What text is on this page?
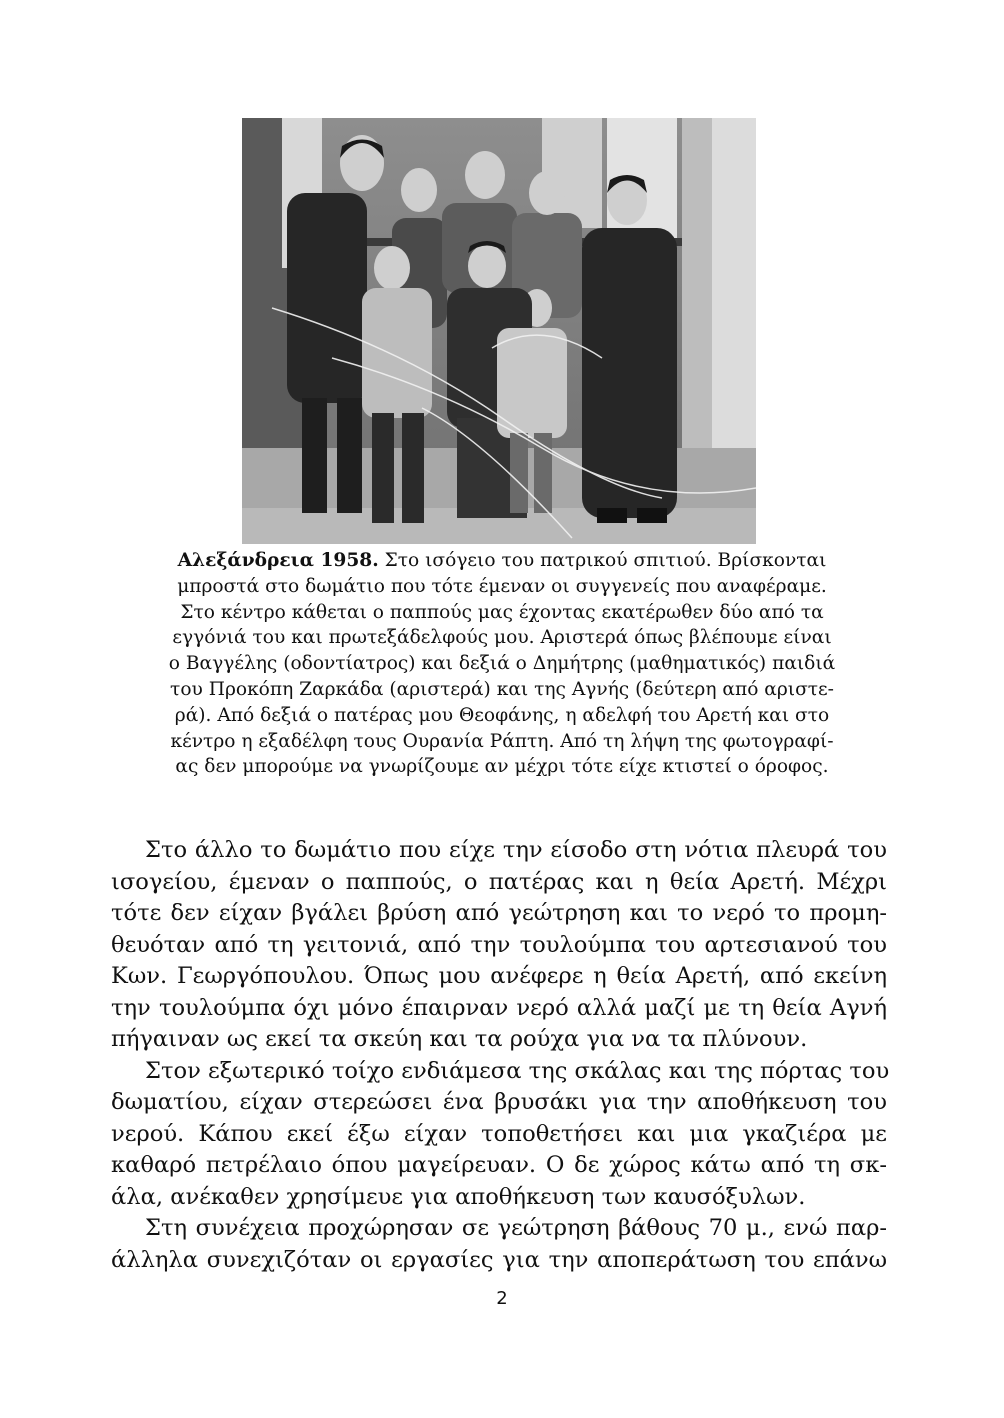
Αλεξάνδρεια 1958. Στο ισόγειο του πατρικού σπιτιού. Βρίσκονται
μπροστά στο δωμάτιο που τότε έμεναν οι συγγενείς που αναφέραμε.
Στο κέντρο κάθεται ο παππούς μας έχοντας εκατέρωθεν δύο από τα
εγγόνιά του και πρωτεξάδελφούς μου. Αριστερά όπως βλέπουμε είναι
ο Βαγγέλης (οδοντίατρος) και δεξιά ο Δημήτρης (μαθηματικός) παιδιά
του Προκόπη Ζαρκάδα (αριστερά) και της Αγνής (δεύτερη από αριστε-
ρά). Από δεξιά ο πατέρας μου Θεοφάνης, η αδελφή του Αρετή και στο
κέντρο η εξαδέλφη τους Ουρανία Ράπτη. Από τη λήψη της φωτογραφί-
ας δεν μπορούμε να γνωρίζουμε αν μέχρι τότε είχε κτιστεί ο όροφος.
Στο άλλο το δωμάτιο που είχε την είσοδο στη νότια πλευρά του
ισογείου, έμεναν ο παππούς, ο πατέρας και η θεία Αρετή. Μέχρι
τότε δεν είχαν βγάλει βρύση από γεώτρηση και το νερό το προμη-
θευόταν από τη γειτονιά, από την τουλούμπα του αρτεσιανού του
Κων. Γεωργόπουλου. Όπως μου ανέφερε η θεία Αρετή, από εκείνη
την τουλούμπα όχι μόνο έπαιρναν νερό αλλά μαζί με τη θεία Αγνή
πήγαιναν ως εκεί τα σκεύη και τα ρούχα για να τα πλύνουν.
Στον εξωτερικό τοίχο ενδιάμεσα της σκάλας και της πόρτας του
δωματίου, είχαν στερεώσει ένα βρυσάκι για την αποθήκευση του
νερού. Κάπου εκεί έξω είχαν τοποθετήσει και μια γκαζιέρα με
καθαρό πετρέλαιο όπου μαγείρευαν. Ο δε χώρος κάτω από τη σκ-
άλα, ανέκαθεν χρησίμευε για αποθήκευση των καυσόξυλων.
Στη συνέχεια προχώρησαν σε γεώτρηση βάθους 70 μ., ενώ παρ-
άλληλα συνεχιζόταν οι εργασίες για την αποπεράτωση του επάνω
2
